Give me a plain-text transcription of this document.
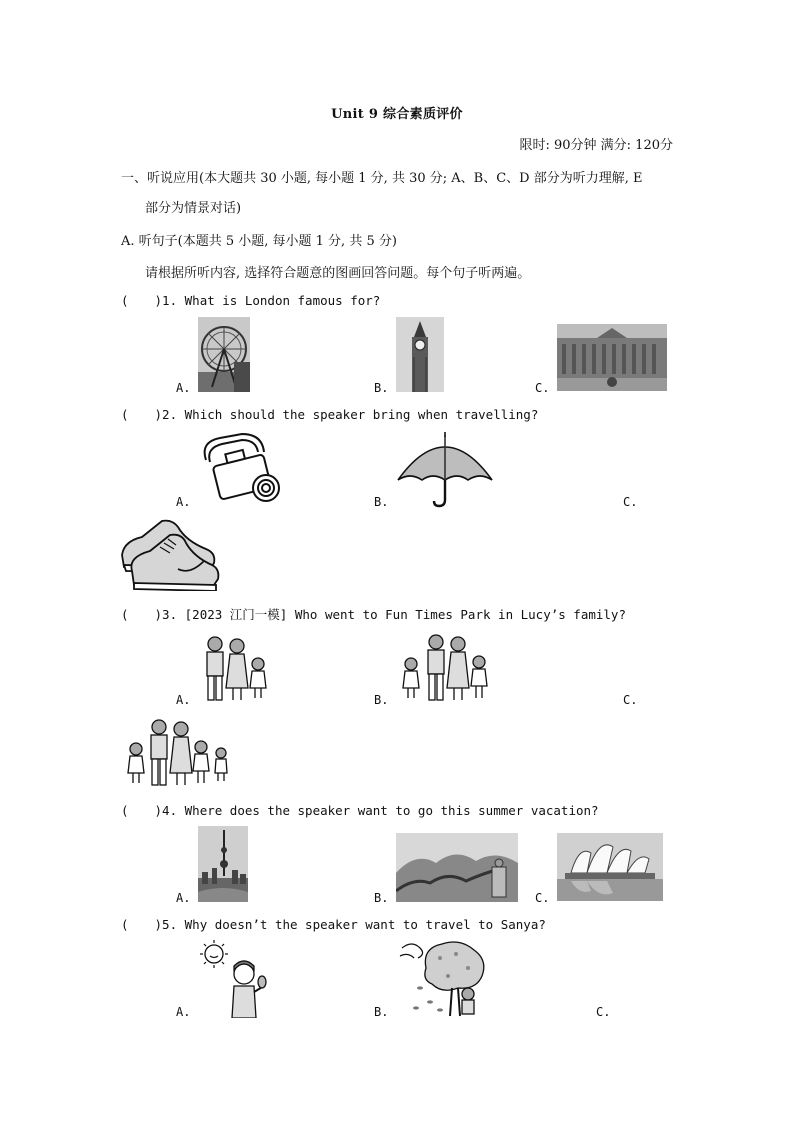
Unit 9 综合素质评价
限时: 90分钟 满分: 120分
一、听说应用(本大题共 30 小题, 每小题 1 分, 共 30 分; A、B、C、D 部分为听力理解, E
部分为情景对话)
A. 听句子(本题共 5 小题, 每小题 1 分, 共 5 分)
请根据所听内容, 选择符合题意的图画回答问题。每个句子听两遍。
( )1. What is London famous for?
A.	B.	C.
( )2. Which should the speaker bring when travelling?
A.	B.	C.
( )3. [2023 江门一模] Who went to Fun Times Park in Lucy’s family?
A.	B.	C.
( )4. Where does the speaker want to go this summer vacation?
A.	B.	C.
( )5. Why doesn’t the speaker want to travel to Sanya?
A.	B.	C.
